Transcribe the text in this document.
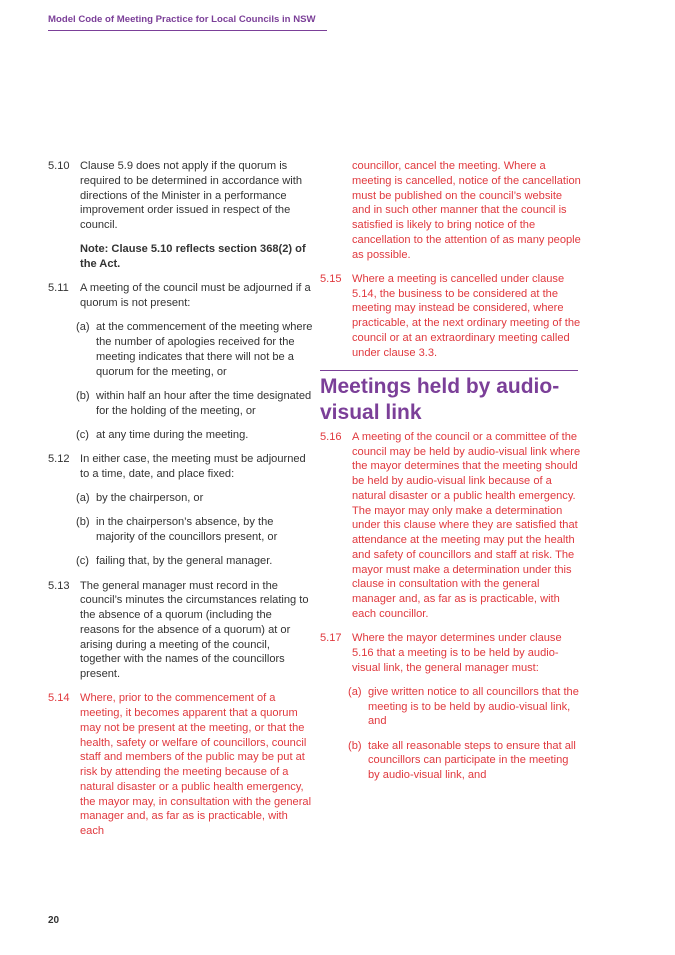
Model Code of Meeting Practice for Local Councils in NSW
5.10 Clause 5.9 does not apply if the quorum is required to be determined in accordance with directions of the Minister in a performance improvement order issued in respect of the council.

Note: Clause 5.10 reflects section 368(2) of the Act.

5.11	A meeting of the council must be adjourned if a quorum is not present:
(a) at the commencement of the meeting where the number of apologies received for the meeting indicates that there will not be a quorum for the meeting, or
(b) within half an hour after the time designated for the holding of the meeting, or
(c) at any time during the meeting.
5.12 In either case, the meeting must be adjourned to a time, date, and place fixed:
(a) by the chairperson, or
(b) in the chairperson’s absence, by the majority of the councillors present, or
(c) failing that, by the general manager.
5.13 The general manager must record in the council’s minutes the circumstances relating to the absence of a quorum (including the reasons for the absence of a quorum) at or arising during a meeting of the council, together with the names of the councillors present.
5.14 Where, prior to the commencement of a meeting, it becomes apparent that a quorum may not be present at the meeting, or that the health, safety or welfare of councillors, council staff and members of the public may be put at risk by attending the meeting because of a natural disaster or a public health emergency, the mayor may, in consultation with the general manager and, as far as is practicable, with each

councillor, cancel the meeting. Where a meeting is cancelled, notice of the cancellation must be published on the council’s website and in such other manner that the council is satisfied is likely to bring notice of the cancellation to the attention of as many people as possible.

5.15 Where a meeting is cancelled under clause 5.14, the business to be considered at the meeting may instead be considered, where practicable, at the next ordinary meeting of the council or at an extraordinary meeting called under clause 3.3.
Meetings held by audio-visual link
5.16 A meeting of the council or a committee of the council may be held by audio-visual link where the mayor determines that the meeting should be held by audio-visual link because of a natural disaster or a public health emergency. The mayor may only make a determination under this clause where they are satisfied that attendance at the meeting may put the health and safety of councillors and staff at risk. The mayor must make a determination under this clause in consultation with the general manager and, as far as is practicable, with each councillor.
5.17 Where the mayor determines under clause 5.16 that a meeting is to be held by audio-visual link, the general manager must:
(a) give written notice to all councillors that the meeting is to be held by audio-visual link, and
(b) take all reasonable steps to ensure that all councillors can participate in the meeting by audio-visual link, and
20
